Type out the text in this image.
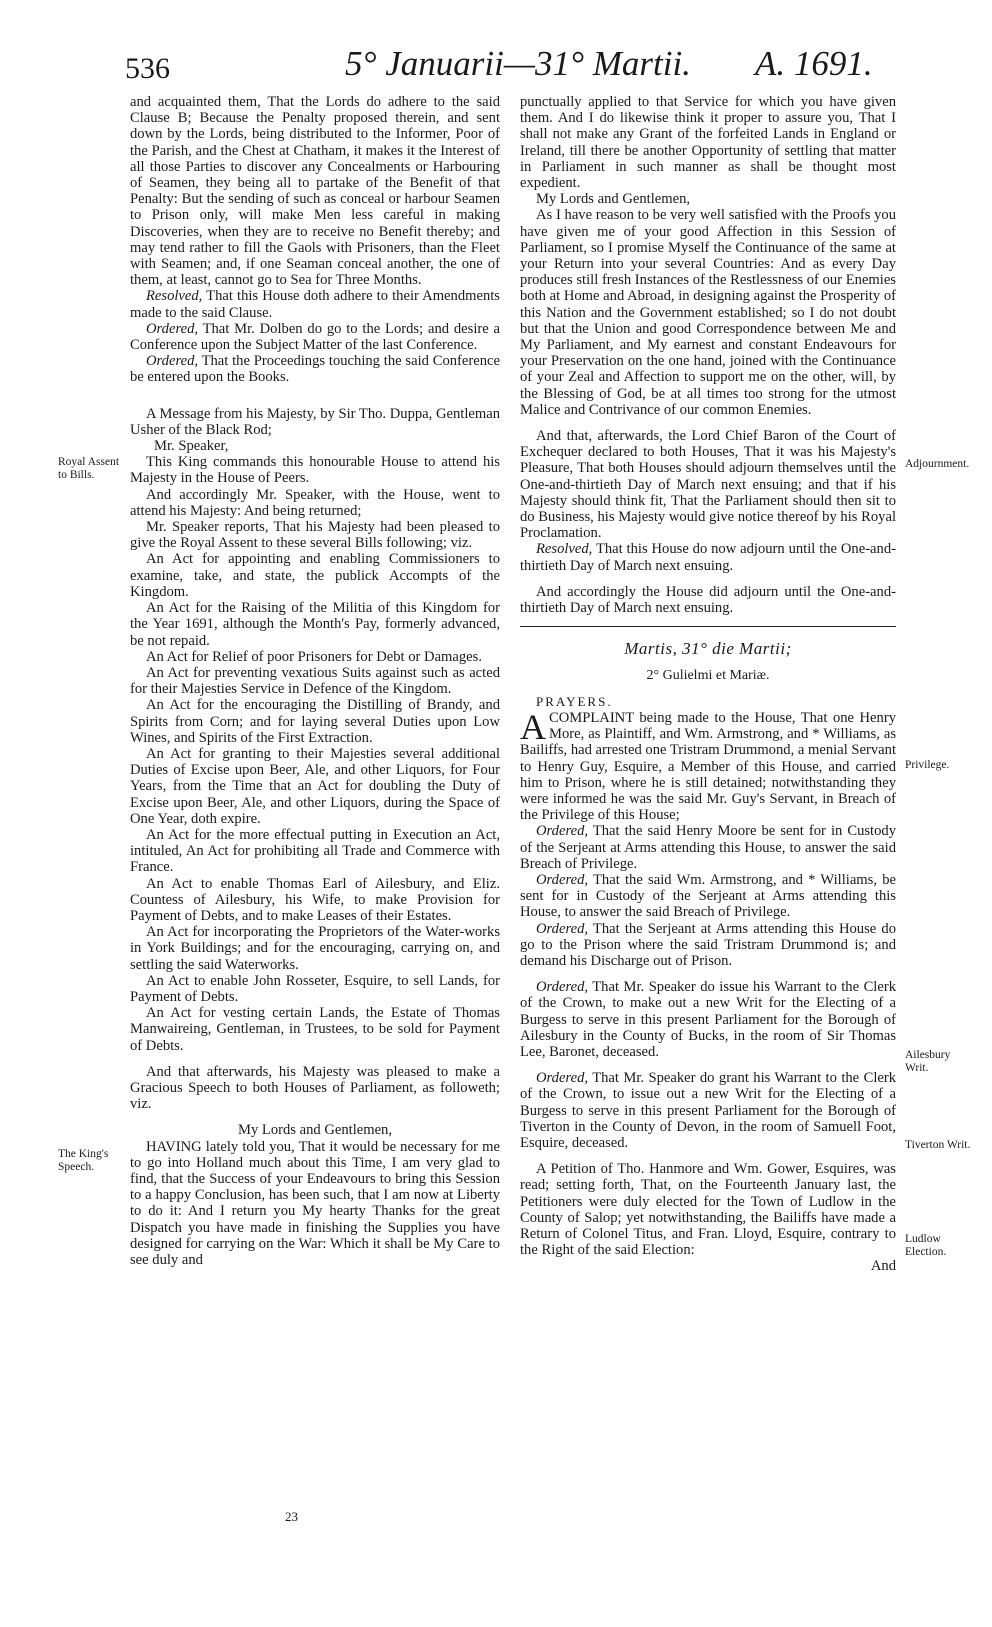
536	5° Januarii—31° Martii. A. 1691.
Royal Assent to Bills.
The King's Speech.
Adjournment.
Privilege.
Ailesbury Writ.
Tiverton Writ.
Ludlow Election.

and acquainted them, That the Lords do adhere to the said Clause B; Because the Penalty proposed therein, and sent down by the Lords, being distributed to the Informer, Poor of the Parish, and the Chest at Chatham, it makes it the Interest of all those Parties to discover any Concealments or Harbouring of Seamen, they being all to partake of the Benefit of that Penalty: But the sending of such as conceal or harbour Seamen to Prison only, will make Men less careful in making Discoveries, when they are to receive no Benefit thereby; and may tend rather to fill the Gaols with Prisoners, than the Fleet with Seamen; and, if one Seaman conceal another, the one of them, at least, cannot go to Sea for Three Months.

Resolved, That this House doth adhere to their Amendments made to the said Clause.

Ordered, That Mr. Dolben do go to the Lords; and desire a Conference upon the Subject Matter of the last Conference.

Ordered, That the Proceedings touching the said Conference be entered upon the Books.

A Message from his Majesty, by Sir Tho. Duppa, Gentleman Usher of the Black Rod;

Mr. Speaker,

This King commands this honourable House to attend his Majesty in the House of Peers.

And accordingly Mr. Speaker, with the House, went to attend his Majesty: And being returned;

Mr. Speaker reports, That his Majesty had been pleased to give the Royal Assent to these several Bills following; viz.

An Act for appointing and enabling Commissioners to examine, take, and state, the publick Accompts of the Kingdom.

An Act for the Raising of the Militia of this Kingdom for the Year 1691, although the Month's Pay, formerly advanced, be not repaid.

An Act for Relief of poor Prisoners for Debt or Damages.

An Act for preventing vexatious Suits against such as acted for their Majesties Service in Defence of the Kingdom.

An Act for the encouraging the Distilling of Brandy, and Spirits from Corn; and for laying several Duties upon Low Wines, and Spirits of the First Extraction.

An Act for granting to their Majesties several additional Duties of Excise upon Beer, Ale, and other Liquors, for Four Years, from the Time that an Act for doubling the Duty of Excise upon Beer, Ale, and other Liquors, during the Space of One Year, doth expire.

An Act for the more effectual putting in Execution an Act, intituled, An Act for prohibiting all Trade and Commerce with France.

An Act to enable Thomas Earl of Ailesbury, and Eliz. Countess of Ailesbury, his Wife, to make Provision for Payment of Debts, and to make Leases of their Estates.

An Act for incorporating the Proprietors of the Water-works in York Buildings; and for the encouraging, carrying on, and settling the said Waterworks.

An Act to enable John Rosseter, Esquire, to sell Lands, for Payment of Debts.

An Act for vesting certain Lands, the Estate of Thomas Manwaireing, Gentleman, in Trustees, to be sold for Payment of Debts.

And that afterwards, his Majesty was pleased to make a Gracious Speech to both Houses of Parliament, as followeth; viz.

My Lords and Gentlemen,

HAVING lately told you, That it would be necessary for me to go into Holland much about this Time, I am very glad to find, that the Success of your Endeavours to bring this Session to a happy Conclusion, has been such, that I am now at Liberty to do it: And I return you My hearty Thanks for the great Dispatch you have made in finishing the Supplies you have designed for carrying on the War: Which it shall be My Care to see duly and

23

punctually applied to that Service for which you have given them. And I do likewise think it proper to assure you, That I shall not make any Grant of the forfeited Lands in England or Ireland, till there be another Opportunity of settling that matter in Parliament in such manner as shall be thought most expedient.

My Lords and Gentlemen,

As I have reason to be very well satisfied with the Proofs you have given me of your good Affection in this Session of Parliament, so I promise Myself the Continuance of the same at your Return into your several Countries: And as every Day produces still fresh Instances of the Restlessness of our Enemies both at Home and Abroad, in designing against the Prosperity of this Nation and the Government established; so I do not doubt but that the Union and good Correspondence between Me and My Parliament, and My earnest and constant Endeavours for your Preservation on the one hand, joined with the Continuance of your Zeal and Affection to support me on the other, will, by the Blessing of God, be at all times too strong for the utmost Malice and Contrivance of our common Enemies.

And that, afterwards, the Lord Chief Baron of the Court of Exchequer declared to both Houses, That it was his Majesty's Pleasure, That both Houses should adjourn themselves until the One-and-thirtieth Day of March next ensuing; and that if his Majesty should think fit, That the Parliament should then sit to do Business, his Majesty would give notice thereof by his Royal Proclamation.

Resolved, That this House do now adjourn until the One-and-thirtieth Day of March next ensuing.

And accordingly the House did adjourn until the One-and-thirtieth Day of March next ensuing.

Martis, 31° die Martii;
2° Gulielmi et Mariæ.

PRAYERS.

ACOMPLAINT being made to the House, That one Henry More, as Plaintiff, and Wm. Armstrong, and * Williams, as Bailiffs, had arrested one Tristram Drummond, a menial Servant to Henry Guy, Esquire, a Member of this House, and carried him to Prison, where he is still detained; notwithstanding they were informed he was the said Mr. Guy's Servant, in Breach of the Privilege of this House;

Ordered, That the said Henry Moore be sent for in Custody of the Serjeant at Arms attending this House, to answer the said Breach of Privilege.

Ordered, That the said Wm. Armstrong, and * Williams, be sent for in Custody of the Serjeant at Arms attending this House, to answer the said Breach of Privilege.

Ordered, That the Serjeant at Arms attending this House do go to the Prison where the said Tristram Drummond is; and demand his Discharge out of Prison.

Ordered, That Mr. Speaker do issue his Warrant to the Clerk of the Crown, to make out a new Writ for the Electing of a Burgess to serve in this present Parliament for the Borough of Ailesbury in the County of Bucks, in the room of Sir Thomas Lee, Baronet, deceased.

Ordered, That Mr. Speaker do grant his Warrant to the Clerk of the Crown, to issue out a new Writ for the Electing of a Burgess to serve in this present Parliament for the Borough of Tiverton in the County of Devon, in the room of Samuell Foot, Esquire, deceased.

A Petition of Tho. Hanmore and Wm. Gower, Esquires, was read; setting forth, That, on the Fourteenth January last, the Petitioners were duly elected for the Town of Ludlow in the County of Salop; yet notwithstanding, the Bailiffs have made a Return of Colonel Titus, and Fran. Lloyd, Esquire, contrary to the Right of the said Election:

And
